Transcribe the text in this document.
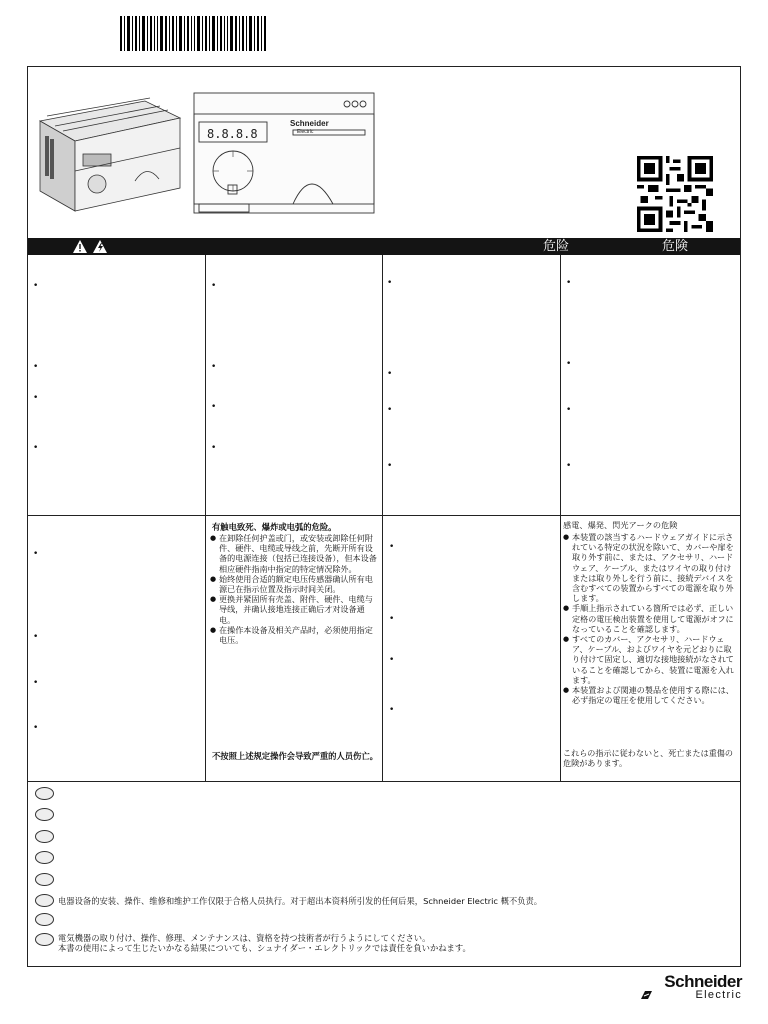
8.8.8.8
Schneider
Electric
危险	危険
•
•
•
•
•
•
•
•
•
•
•
•
•
•
•
•
•
•
•
•
•
•
•
•
有触电致死、爆炸或电弧的危险。
● 在卸除任何护盖或门，或安装或卸除任何附件、硬件、电缆或导线之前，先断开所有设备的电源连接（包括已连接设备），但本设备相应硬件指南中指定的特定情况除外。
● 始终使用合适的额定电压传感器确认所有电源已在指示位置及指示时间关闭。
● 更换并紧固所有壳盖、附件、硬件、电缆与导线，并确认接地连接正确后才对设备通电。
● 在操作本设备及相关产品时，必须使用指定电压。
不按照上述规定操作会导致严重的人员伤亡。
感電、爆発、閃光アークの危険
● 本装置の該当するハードウェアガイドに示されている特定の状況を除いて、カバーや扉を取り外す前に、または、アクセサリ、ハードウェア、ケーブル、またはワイヤの取り付けまたは取り外しを行う前に、接続デバイスを含むすべての装置からすべての電源を取り外します。
● 手順上指示されている箇所では必ず、正しい定格の電圧検出装置を使用して電源がオフになっていることを確認します。
● すべてのカバー、アクセサリ、ハードウェア、ケーブル、およびワイヤを元どおりに取り付けて固定し、適切な接地接続がなされていることを確認してから、装置に電源を入れます。
● 本装置および関連の製品を使用する際には、必ず指定の電圧を使用してください。
これらの指示に従わないと、死亡または重傷の危険があります。
电器设备的安装、操作、维修和维护工作仅限于合格人员执行。对于超出本资料所引发的任何后果，Schneider Electric 概不负责。
電気機器の取り付け、操作、修理、メンテナンスは、資格を持つ技術者が行うようにしてください。
本書の使用によって生じたいかなる結果についても、シュナイダー・エレクトリックでは責任を負いかねます。
Schneider
Electric
